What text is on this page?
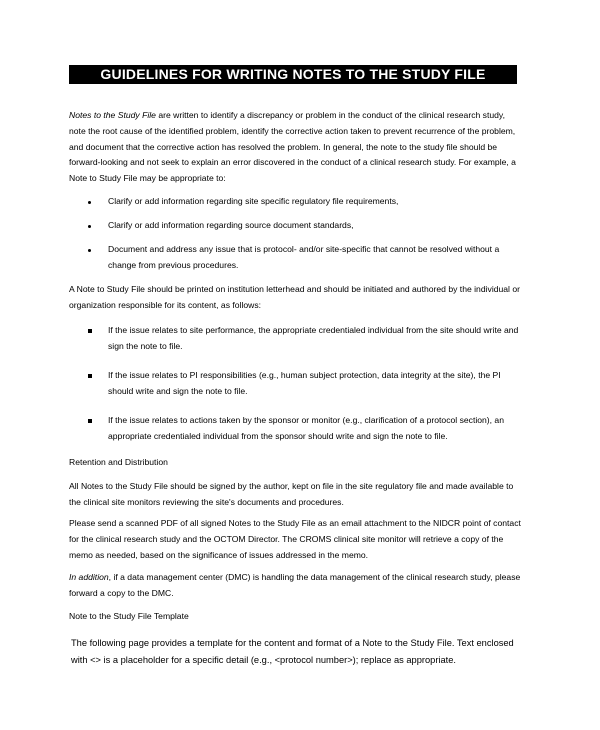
GUIDELINES FOR WRITING NOTES TO THE STUDY FILE

Notes to the Study File are written to identify a discrepancy or problem in the conduct of the clinical research study, note the root cause of the identified problem, identify the corrective action taken to prevent recurrence of the problem, and document that the corrective action has resolved the problem. In general, the note to the study file should be forward-looking and not seek to explain an error discovered in the conduct of a clinical research study. For example, a Note to Study File may be appropriate to:

Clarify or add information regarding site specific regulatory file requirements,
Clarify or add information regarding source document standards,
Document and address any issue that is protocol- and/or site-specific that cannot be resolved without a change from previous procedures.

A Note to Study File should be printed on institution letterhead and should be initiated and authored by the individual or organization responsible for its content, as follows:

If the issue relates to site performance, the appropriate credentialed individual from the site should write and sign the note to file.
If the issue relates to PI responsibilities (e.g., human subject protection, data integrity at the site), the PI should write and sign the note to file.
If the issue relates to actions taken by the sponsor or monitor (e.g., clarification of a protocol section), an appropriate credentialed individual from the sponsor should write and sign the note to file.
Retention and Distribution

All Notes to the Study File should be signed by the author, kept on file in the site regulatory file and made available to the clinical site monitors reviewing the site's documents and procedures.

Please send a scanned PDF of all signed Notes to the Study File as an email attachment to the NIDCR point of contact for the clinical research study and the OCTOM Director. The CROMS clinical site monitor will retrieve a copy of the memo as needed, based on the significance of issues addressed in the memo.

In addition, if a data management center (DMC) is handling the data management of the clinical research study, please forward a copy to the DMC.

Note to the Study File Template

The following page provides a template for the content and format of a Note to the Study File. Text enclosed with <> is a placeholder for a specific detail (e.g., <protocol number>); replace as appropriate.
